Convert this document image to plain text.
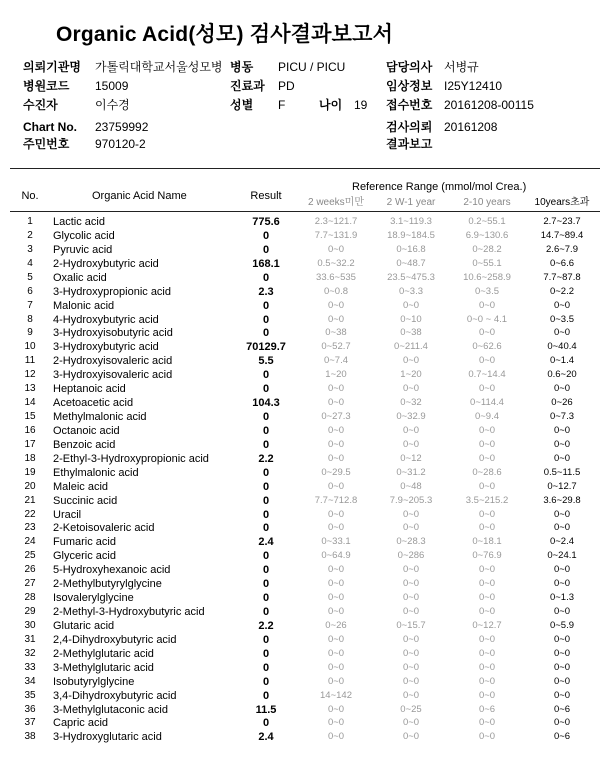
Organic Acid(성모) 검사결과보고서
의뢰기관명 가톨릭대학교서울성모병 병동 PICU / PICU	담당의사 서병규
병원코드 15009	진료과 PD	임상정보 I25Y12410
수진자	이수경	성별 F	나이 19 접수번호 20161208-00115
Chart No. 23759992	검사의뢰 20161208
주민번호 970120-2	결과보고
No.	Organic Acid Name	Result
Reference Range (mmol/mol Crea.)
2 weeks미만	2 W-1 year	2-10 years	10years초과
1	Lactic acid	775.6	2.3~121.7	3.1~119.3	0.2~55.1	2.7~23.7
2	Glycolic acid	0	7.7~131.9	18.9~184.5	6.9~130.6	14.7~89.4
3	Pyruvic acid	0	0~0	0~16.8	0~28.2	2.6~7.9
4	2-Hydroxybutyric acid	168.1	0.5~32.2	0~48.7	0~55.1	0~6.6
5	Oxalic acid	0	33.6~535	23.5~475.3	10.6~258.9	7.7~87.8
6	3-Hydroxypropionic acid	2.3	0~0.8	0~3.3	0~3.5	0~2.2
7	Malonic acid	0	0~0	0~0	0~0	0~0
8	4-Hydroxybutyric acid	0	0~0	0~10	0~0 ~ 4.1	0~3.5
9	3-Hydroxyisobutyric acid	0	0~38	0~38	0~0	0~0
10	3-Hydroxybutyric acid	70129.7	0~52.7	0~211.4	0~62.6	0~40.4
11	2-Hydroxyisovaleric acid	5.5	0~7.4	0~0	0~0	0~1.4
12	3-Hydroxyisovaleric acid	0	1~20	1~20	0.7~14.4	0.6~20
13	Heptanoic acid	0	0~0	0~0	0~0	0~0
14	Acetoacetic acid	104.3	0~0	0~32	0~114.4	0~26
15	Methylmalonic acid	0	0~27.3	0~32.9	0~9.4	0~7.3
16	Octanoic acid	0	0~0	0~0	0~0	0~0
17	Benzoic acid	0	0~0	0~0	0~0	0~0
18	2-Ethyl-3-Hydroxypropionic acid	2.2	0~0	0~12	0~0	0~0
19	Ethylmalonic acid	0	0~29.5	0~31.2	0~28.6	0.5~11.5
20	Maleic acid	0	0~0	0~48	0~0	0~12.7
21	Succinic acid	0	7.7~712.8	7.9~205.3	3.5~215.2	3.6~29.8
22	Uracil	0	0~0	0~0	0~0	0~0
23	2-Ketoisovaleric acid	0	0~0	0~0	0~0	0~0
24	Fumaric acid	2.4	0~33.1	0~28.3	0~18.1	0~2.4
25	Glyceric acid	0	0~64.9	0~286	0~76.9	0~24.1
26	5-Hydroxyhexanoic acid	0	0~0	0~0	0~0	0~0
27	2-Methylbutyrylglycine	0	0~0	0~0	0~0	0~0
28	Isovalerylglycine	0	0~0	0~0	0~0	0~1.3
29	2-Methyl-3-Hydroxybutyric acid	0	0~0	0~0	0~0	0~0
30	Glutaric acid	2.2	0~26	0~15.7	0~12.7	0~5.9
31	2,4-Dihydroxybutyric acid	0	0~0	0~0	0~0	0~0
32	2-Methylglutaric acid	0	0~0	0~0	0~0	0~0
33	3-Methylglutaric acid	0	0~0	0~0	0~0	0~0
34	Isobutyrylglycine	0	0~0	0~0	0~0	0~0
35	3,4-Dihydroxybutyric acid	0	14~142	0~0	0~0	0~0
36	3-Methylglutaconic acid	11.5	0~0	0~25	0~6	0~6
37	Capric acid	0	0~0	0~0	0~0	0~0
38	3-Hydroxyglutaric acid	2.4	0~0	0~0	0~0	0~6
